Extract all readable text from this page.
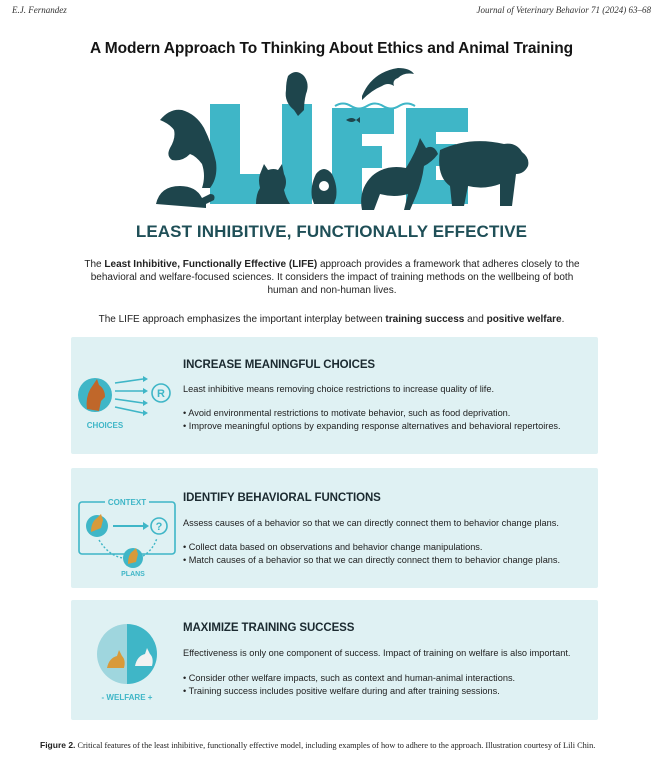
E.J. Fernandez	Journal of Veterinary Behavior 71 (2024) 63–68
A Modern Approach To Thinking About Ethics and Animal Training
LEAST INHIBITIVE, FUNCTIONALLY EFFECTIVE
The Least Inhibitive, Functionally Effective (LIFE) approach provides a framework that adheres closely to the behavioral and welfare-focused sciences. It considers the impact of training methods on the wellbeing of both human and non-human lives.
The LIFE approach emphasizes the important interplay between training success and positive welfare.
R
CHOICES
INCREASE MEANINGFUL CHOICES
Least inhibitive means removing choice restrictions to increase quality of life.
• Avoid environmental restrictions to motivate behavior, such as food deprivation.
• Improve meaningful options by expanding response alternatives and behavioral repertoires.
CONTEXT
?
PLANS
IDENTIFY BEHAVIORAL FUNCTIONS
Assess causes of a behavior so that we can directly connect them to behavior change plans.
• Collect data based on observations and behavior change manipulations.
• Match causes of a behavior so that we can directly connect them to behavior change plans.
- WELFARE +
MAXIMIZE TRAINING SUCCESS
Effectiveness is only one component of success. Impact of training on welfare is also important.
• Consider other welfare impacts, such as context and human-animal interactions.
• Training success includes positive welfare during and after training sessions.
Figure 2. Critical features of the least inhibitive, functionally effective model, including examples of how to adhere to the approach. Illustration courtesy of Lili Chin.
